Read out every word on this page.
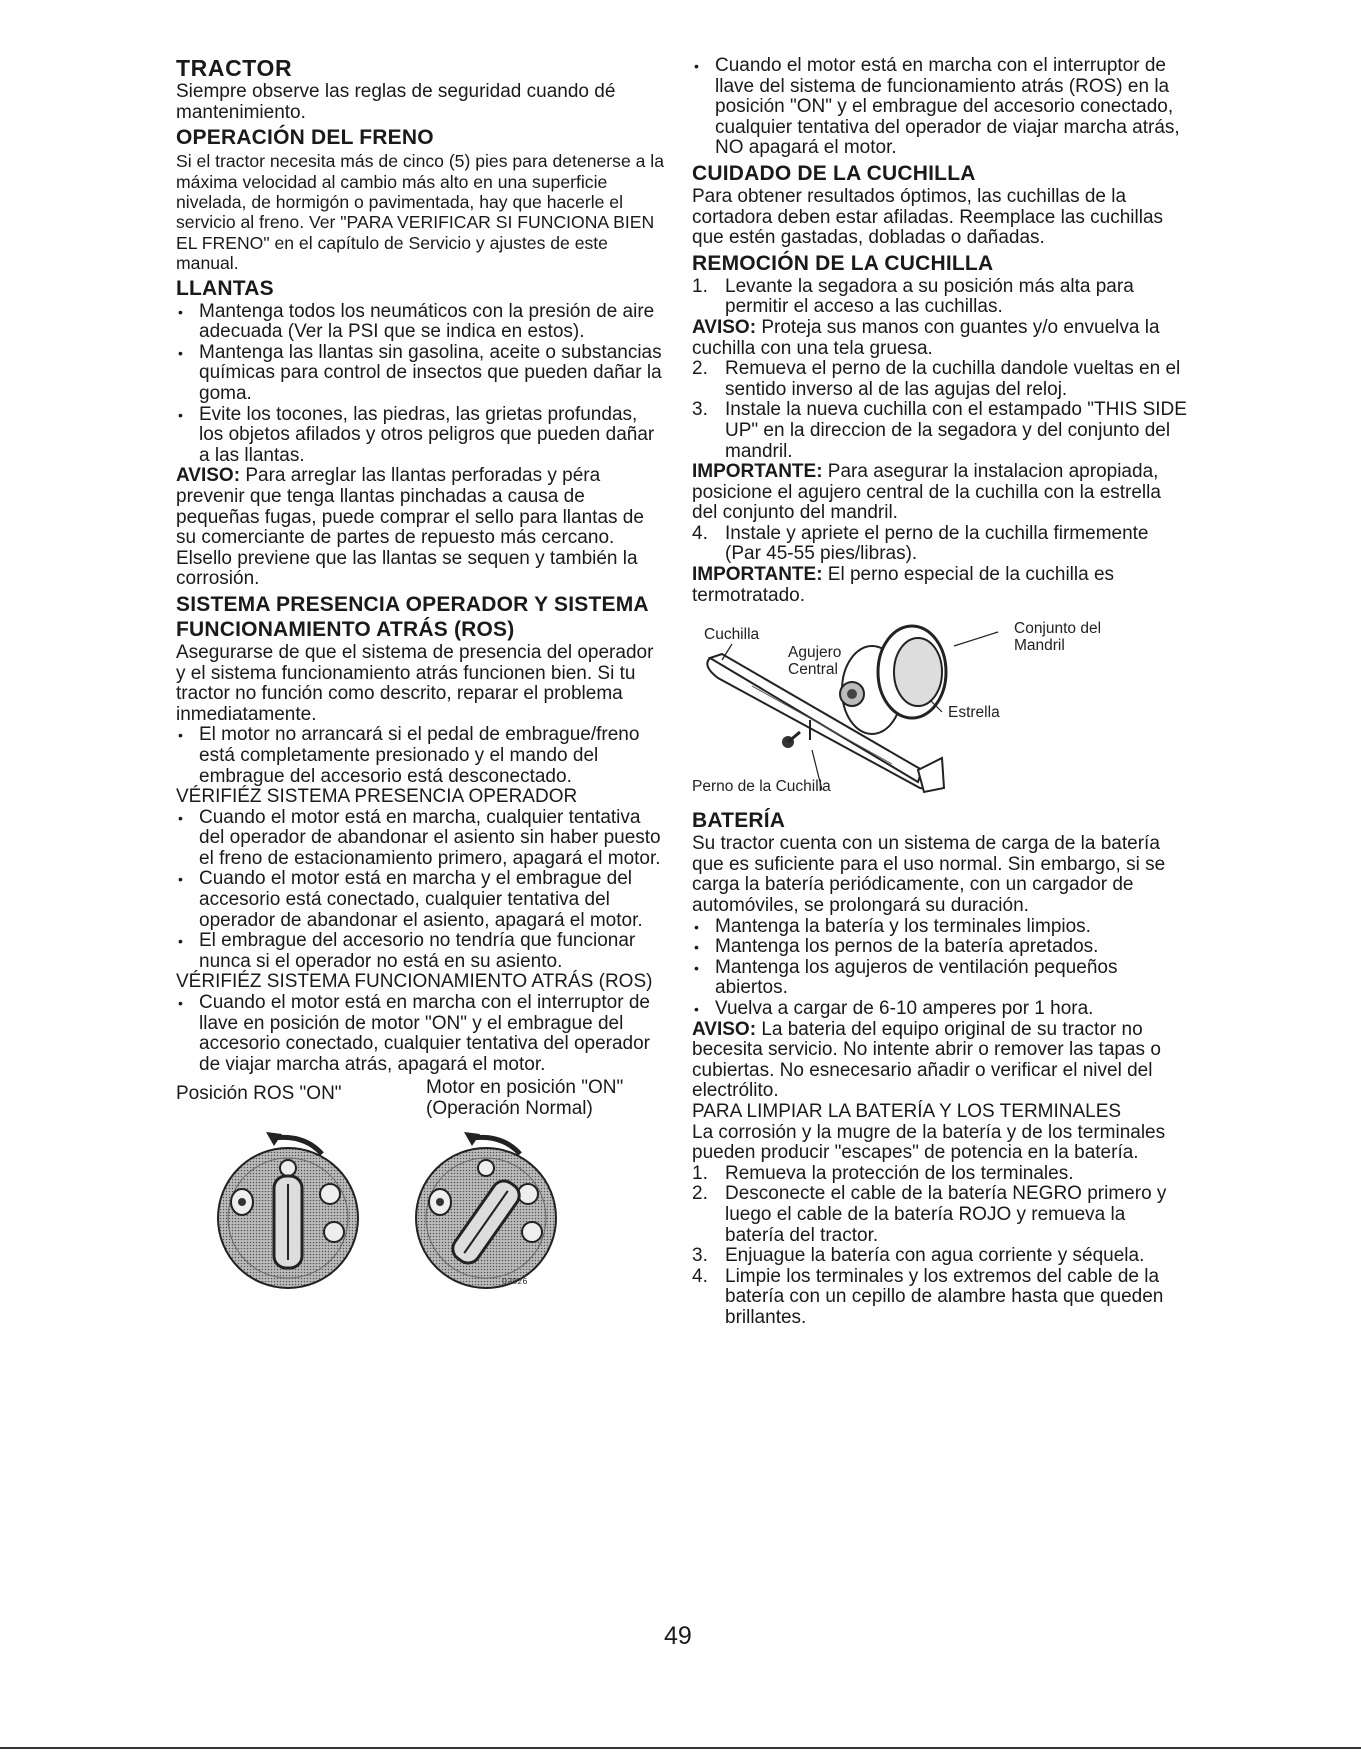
TRACTOR

Siempre observe las reglas de seguridad cuando dé mantenimiento.

OPERACIÓN DEL FRENO

Si el tractor necesita más de cinco (5) pies para detenerse a la máxima velocidad al cambio más alto en una superficie nivelada, de hormigón o pavimentada, hay que hacerle el servicio al freno. Ver "PARA VERIFICAR SI FUNCIONA BIEN EL FRENO" en el capítulo de Servicio y ajustes de este manual.

LLANTAS

• Mantenga todos los neumáticos con la presión de aire adecuada (Ver la PSI que se indica en estos).

• Mantenga las llantas sin gasolina, aceite o substancias químicas para control de insectos que pueden dañar la goma.

• Evite los tocones, las piedras, las grietas profundas, los objetos afilados y otros peligros que pueden dañar a las llantas.

AVISO: Para arreglar las llantas perforadas y péra prevenir que tenga llantas pinchadas a causa de pequeñas fugas, puede comprar el sello para llantas de su comerciante de partes de repuesto más cercano. Elsello previene que las llantas se sequen y también la corrosión.

SISTEMA PRESENCIA OPERADOR Y SISTEMA FUNCIONAMIENTO ATRÁS (ROS)

Asegurarse de que el sistema de presencia del operador y el sistema funcionamiento atrás funcionen bien. Si tu tractor no función como descrito, reparar el problema inmediatamente.

• El motor no arrancará si el pedal de embrague/freno está completamente presionado y el mando del embrague del accesorio está desconectado.

VÉRIFIÉZ SISTEMA PRESENCIA OPERADOR

• Cuando el motor está en marcha, cualquier tentativa del operador de abandonar el asiento sin haber puesto el freno de estacionamiento primero, apagará el motor.

• Cuando el motor está en marcha y el embrague del accesorio está conectado, cualquier tentativa del operador de abandonar el asiento, apagará el motor.

• El embrague del accesorio no tendría que funcionar nunca si el operador no está en su asiento.

VÉRIFIÉZ SISTEMA FUNCIONAMIENTO ATRÁS (ROS)

• Cuando el motor está en marcha con el interruptor de llave en posición de motor "ON" y el embrague del accesorio conectado, cualquier tentativa del operador de viajar marcha atrás, apagará el motor.

Posición ROS "ON"	Motor en posición "ON" (Operación Normal)
02826

• Cuando el motor está en marcha con el interruptor de llave del sistema de funcionamiento atrás (ROS) en la posición "ON" y el embrague del accesorio conectado, cualquier tentativa del operador de viajar marcha atrás, NO apagará el motor.

CUIDADO DE LA CUCHILLA

Para obtener resultados óptimos, las cuchillas de la cortadora deben estar afiladas. Reemplace las cuchillas que estén gastadas, dobladas o dañadas.

REMOCIÓN DE LA CUCHILLA

1. Levante la segadora a su posición más alta para permitir el acceso a las cuchillas.

AVISO: Proteja sus manos con guantes y/o envuelva la cuchilla con una tela gruesa.

2. Remueva el perno de la cuchilla dandole vueltas en el sentido inverso al de las agujas del reloj.

3. Instale la nueva cuchilla con el estampado "THIS SIDE UP" en la direccion de la segadora y del conjunto del mandril.

IMPORTANTE: Para asegurar la instalacion apropiada, posicione el agujero central de la cuchilla con la estrella del conjunto del mandril.

4. Instale y apriete el perno de la cuchilla firmemente (Par 45-55 pies/libras).

IMPORTANTE: El perno especial de la cuchilla es termotratado.

Cuchilla
Agujero Central
Conjunto del Mandril
Estrella
Perno de la Cuchilla
BATERÍA

Su tractor cuenta con un sistema de carga de la batería que es suficiente para el uso normal. Sin embargo, si se carga la batería periódicamente, con un cargador de automóviles, se prolongará su duración.

• Mantenga la batería y los terminales limpios.

• Mantenga los pernos de la batería apretados.

• Mantenga los agujeros de ventilación pequeños abiertos.

• Vuelva a cargar de 6-10 amperes por 1 hora.

AVISO: La bateria del equipo original de su tractor no becesita servicio. No intente abrir o remover las tapas o cubiertas. No esnecesario añadir o verificar el nivel del electrólito.

PARA LIMPIAR LA BATERÍA Y LOS TERMINALES

La corrosión y la mugre de la batería y de los terminales pueden producir "escapes" de potencia en la batería.

1. Remueva la protección de los terminales.

2. Desconecte el cable de la batería NEGRO primero y luego el cable de la batería ROJO y remueva la batería del tractor.

3. Enjuague la batería con agua corriente y séquela.

4. Limpie los terminales y los extremos del cable de la batería con un cepillo de alambre hasta que queden brillantes.

49
